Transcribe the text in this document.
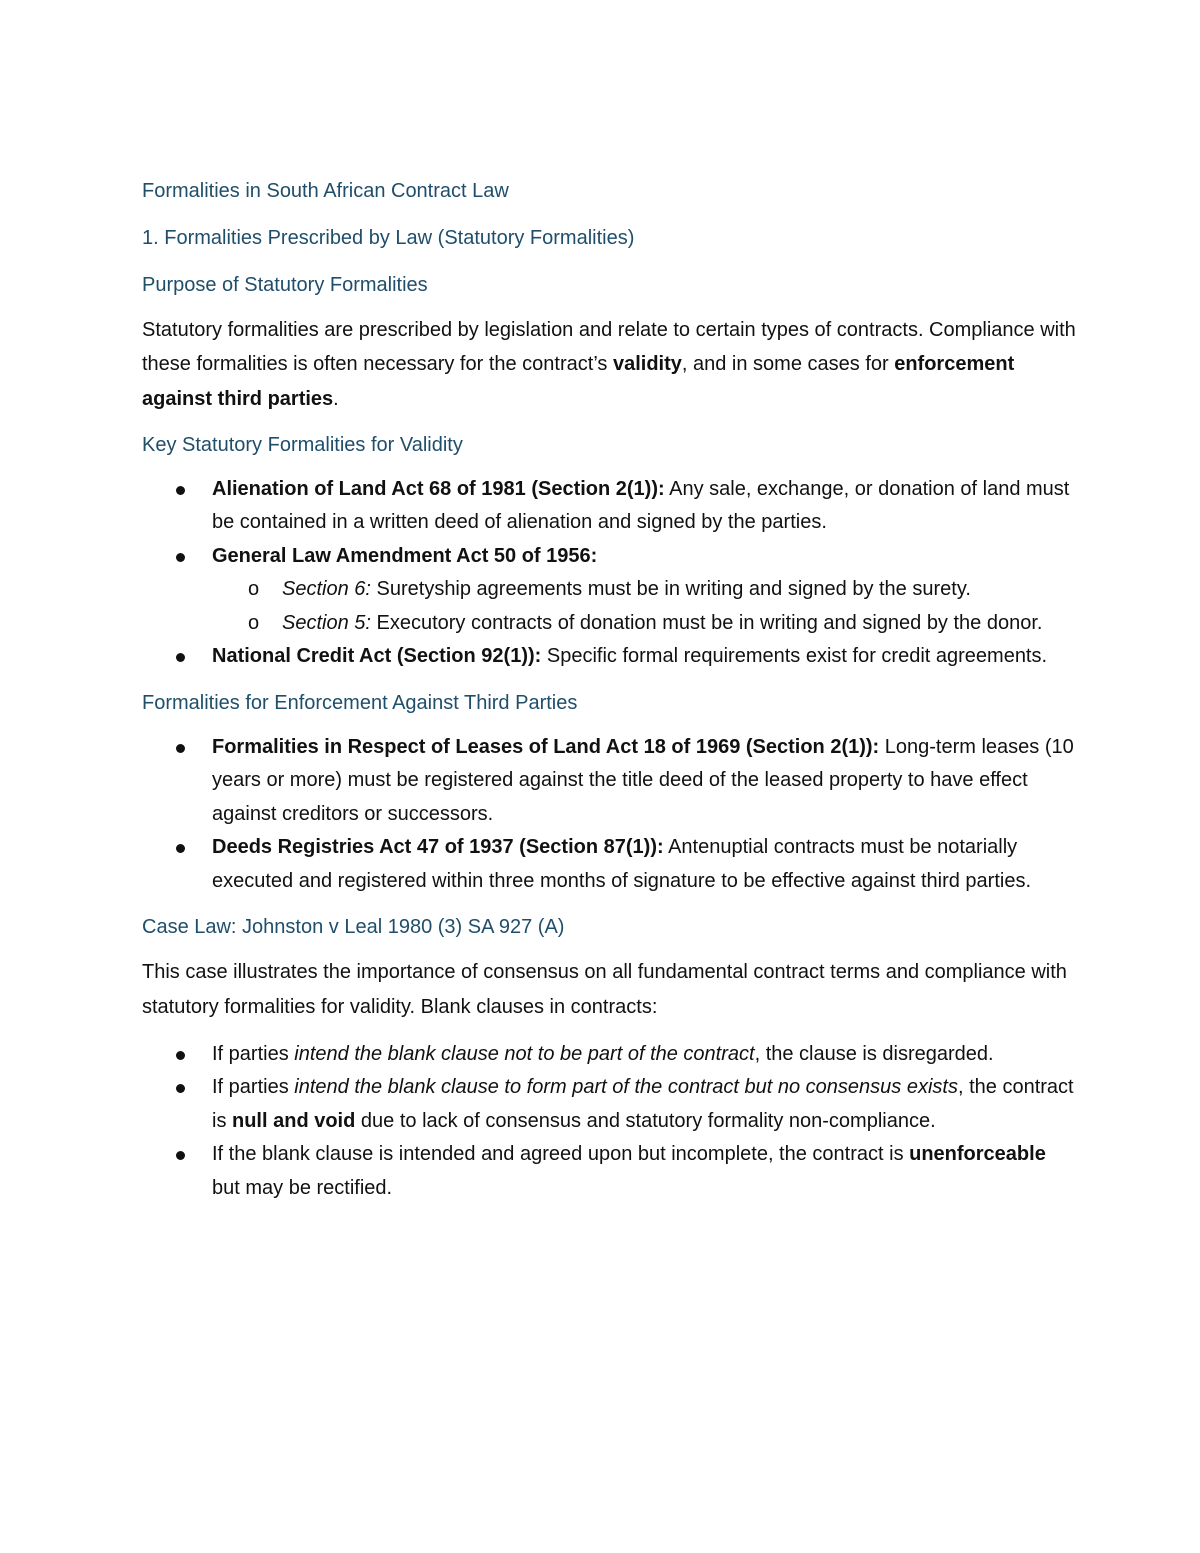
Formalities in South African Contract Law
1. Formalities Prescribed by Law (Statutory Formalities)
Purpose of Statutory Formalities

Statutory formalities are prescribed by legislation and relate to certain types of contracts. Compliance with these formalities is often necessary for the contract’s validity, and in some cases for enforcement against third parties.

Key Statutory Formalities for Validity
Alienation of Land Act 68 of 1981 (Section 2(1)): Any sale, exchange, or donation of land must be contained in a written deed of alienation and signed by the parties.
General Law Amendment Act 50 of 1956:
o Section 6: Suretyship agreements must be in writing and signed by the surety.
o Section 5: Executory contracts of donation must be in writing and signed by the donor.
National Credit Act (Section 92(1)): Specific formal requirements exist for credit agreements.
Formalities for Enforcement Against Third Parties
Formalities in Respect of Leases of Land Act 18 of 1969 (Section 2(1)): Long-term leases (10 years or more) must be registered against the title deed of the leased property to have effect against creditors or successors.
Deeds Registries Act 47 of 1937 (Section 87(1)): Antenuptial contracts must be notarially executed and registered within three months of signature to be effective against third parties.
Case Law: Johnston v Leal 1980 (3) SA 927 (A)

This case illustrates the importance of consensus on all fundamental contract terms and compliance with statutory formalities for validity. Blank clauses in contracts:

If parties intend the blank clause not to be part of the contract, the clause is disregarded.
If parties intend the blank clause to form part of the contract but no consensus exists, the contract is null and void due to lack of consensus and statutory formality non-compliance.
If the blank clause is intended and agreed upon but incomplete, the contract is unenforceable but may be rectified.
